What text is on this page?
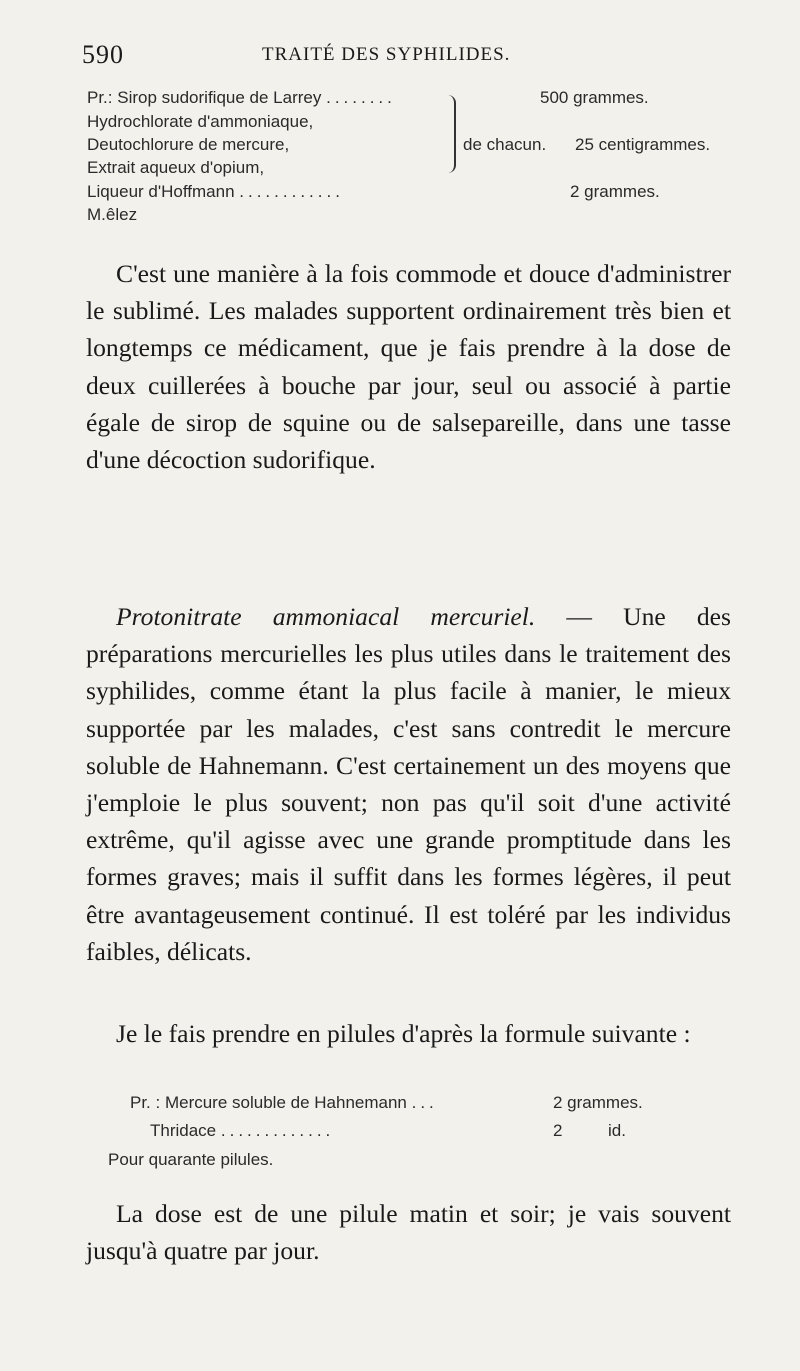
590	TRAITÉ DES SYPHILIDES.
Pr.: Sirop sudorifique de Larrey ........	500 grammes.
Hydrochlorate d'ammoniaque,
Deutochlorure de mercure,
Extrait aqueux d'opium,
de chacun. 25 centigrammes.
Liqueur d'Hoffmann ............	2 grammes.
M.êlez

C'est une manière à la fois commode et douce d'administrer le sublimé. Les malades supportent ordinairement très bien et longtemps ce médicament, que je fais prendre à la dose de deux cuillerées à bouche par jour, seul ou associé à partie égale de sirop de squine ou de salsepareille, dans une tasse d'une décoction sudorifique.

Protonitrate ammoniacal mercuriel. — Une des préparations mercurielles les plus utiles dans le traitement des syphilides, comme étant la plus facile à manier, le mieux supportée par les malades, c'est sans contredit le mercure soluble de Hahnemann. C'est certainement un des moyens que j'emploie le plus souvent; non pas qu'il soit d'une activité extrême, qu'il agisse avec une grande promptitude dans les formes graves; mais il suffit dans les formes légères, il peut être avantageusement continué. Il est toléré par les individus faibles, délicats.

Je le fais prendre en pilules d'après la formule suivante :

Pr. : Mercure soluble de Hahnemann ...	2 grammes.
Thridace .............	2	id.
Pour quarante pilules.

La dose est de une pilule matin et soir; je vais souvent jusqu'à quatre par jour.
